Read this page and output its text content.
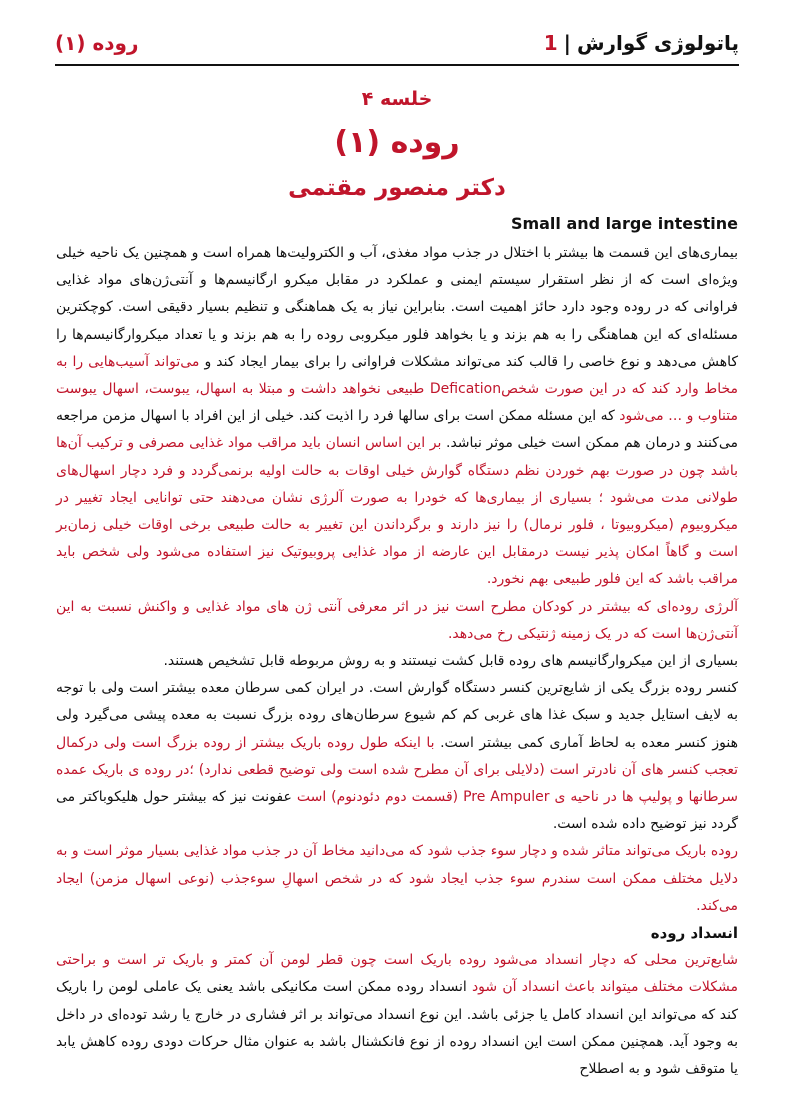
پاتولوژی گوارش|1
روده (۱)
خلسه ۴
روده (۱)
دکتر منصور مقتمی
Small and large intestine

بیماری‌های این قسمت ها بیشتر با اختلال در جذب مواد مغذی، آب و الکترولیت‌ها همراه است و همچنین یک ناحیه خیلی ویژه‌ای است که از نظر استقرار سیستم ایمنی و عملکرد در مقابل میکرو ارگانیسم‌ها و آنتی‌ژن‌های مواد غذایی فراوانی که در روده وجود دارد حائز اهمیت است. بنابراین نیاز به یک هماهنگی و تنظیم بسیار دقیقی است. کوچکترین مسئله‌ای که این هماهنگی را به هم بزند و یا بخواهد فلور میکروبی روده را به هم بزند و یا تعداد میکروارگانیسم‌ها را کاهش می‌دهد و نوع خاصی را قالب کند می‌تواند مشکلات فراوانی را برای بیمار ایجاد کند و می‌تواند آسیب‌هایی را به مخاط وارد کند که در این صورت شخصDefication طبیعی نخواهد داشت و مبتلا به اسهال، یبوست، اسهال یبوست متناوب و … می‌شود که این مسئله ممکن است برای سالها فرد را اذیت کند. خیلی از این افراد با اسهال مزمن مراجعه می‌کنند و درمان هم ممکن است خیلی موثر نباشد. بر این اساس انسان باید مراقب مواد غذایی مصرفی و ترکیب آن‌ها باشد چون در صورت بهم خوردن نظم دستگاه گوارش خیلی اوقات به حالت اولیه برنمی‌گردد و فرد دچار اسهال‌های طولانی مدت می‌شود ؛ بسیاری از بیماری‌ها که خودرا به صورت آلرژی نشان می‌دهند حتی توانایی ایجاد تغییر در میکروبیوم (میکروبیوتا ، فلور نرمال) را نیز دارند و برگرداندن این تغییر به حالت طبیعی برخی اوقات خیلی زمان‌بر است و گاهاً امکان پذیر نیست درمقابل این عارضه از مواد غذایی پروبیوتیک نیز استفاده می‌شود ولی شخص باید مراقب باشد که این فلور طبیعی بهم نخورد.

آلرژی روده‌ای که بیشتر در کودکان مطرح است نیز در اثر معرفی آنتی ژن های مواد غذایی و واکنش نسبت به این آنتی‌ژن‌ها است که در یک زمینه ژنتیکی رخ می‌دهد.

بسیاری از این میکروارگانیسم های روده قابل کشت نیستند و به روش مربوطه قابل تشخیص هستند.

کنسر روده بزرگ یکی از شایع‌ترین کنسر دستگاه گوارش است. در ایران کمی سرطان معده بیشتر است ولی با توجه به لایف استایل جدید و سبک غذا های غربی کم کم شیوع سرطان‌های روده بزرگ نسبت به معده پیشی می‌گیرد ولی هنوز کنسر معده به لحاظ آماری کمی بیشتر است. با اینکه طول روده باریک بیشتر از روده بزرگ است ولی درکمال تعجب کنسر های آن نادرتر است (دلایلی برای آن مطرح شده است ولی توضیح قطعی ندارد) ؛در روده ی باریک عمده سرطانها و پولیپ ها در ناحیه ی Pre Ampuler (قسمت دوم دئودنوم) است عفونت نیز که بیشتر حول هلیکوباکتر می گردد نیز توضیح داده شده است.

روده باریک می‌تواند متاثر شده و دچار سوء جذب شود که می‌دانید مخاط آن در جذب مواد غذایی بسیار موثر است و به دلایل مختلف ممکن است سندرم سوء جذب ایجاد شود که در شخص اسهالِ سوءجذب (نوعی اسهال مزمن) ایجاد می‌کند.

انسداد روده

شایع‌ترین محلی که دچار انسداد می‌شود روده باریک است چون قطر لومن آن کمتر و باریک تر است و براحتی مشکلات مختلف میتواند باعث انسداد آن شود انسداد روده ممکن است مکانیکی باشد یعنی یک عاملی لومن را باریک کند که می‌تواند این انسداد کامل یا جزئی باشد. این نوع انسداد می‌تواند بر اثر فشاری در خارج یا رشد توده‌ای در داخل به وجود آید. همچنین ممکن است این انسداد روده از نوع فانکشنال باشد به عنوان مثال حرکات دودی روده کاهش یابد یا متوقف شود و به اصطلاح
